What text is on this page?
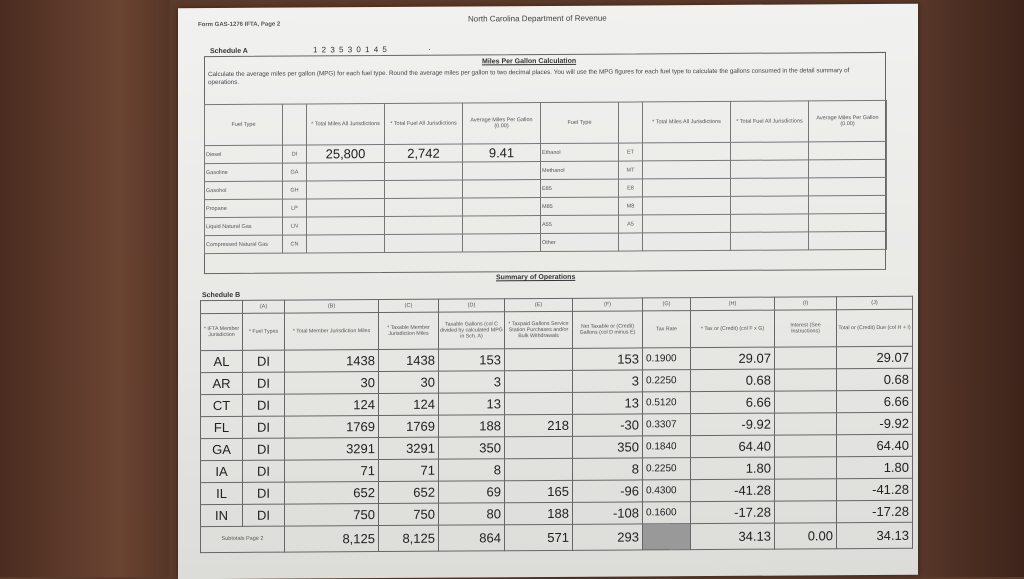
Form GAS-1276 IFTA, Page 2
North Carolina Department of Revenue
Schedule A	1 2 3 5 3 0 1 4 5	·
Miles Per Gallon Calculation
Calculate the average miles per gallon (MPG) for each fuel type. Round the average miles per gallon to two decimal places. You will use the MPG figures for each fuel type to calculate the gallons consumed in the detail summary of operations.
Fuel Type		* Total Miles All Jurisdictions	* Total Fuel All Jurisdictions	Average Miles Per Gallon (0.00)	Fuel Type		* Total Miles All Jurisdictions	* Total Fuel All Jurisdictions	Average Miles Per Gallon (0.00)
Diesel	DI	25,800	2,742	9.41	Ethanol	ET			
Gasoline	GA				Methanol	MT			
Gasohol	GH				E85	E8			
Propane	LP				M85	M8			
Liquid Natural Gas	LN				A55	A5			
Compressed Natural Gas	CN				Other				
Summary of Operations
Schedule B
	(A)	(B)	(C)	(D)	(E)	(F)	(G)	(H)	(I)	(J)
* IFTA Member Jurisdiction	* Fuel Types	* Total Member Jurisdiction Miles	* Taxable Member Jurisdiction Miles	Taxable Gallons (col C divided by calculated MPG in Sch. A)	* Taxpaid Gallons Service Station Purchases and/or Bulk Withdrawals	Net Taxable or (Credit) Gallons (col D minus E)	Tax Rate	* Tax or (Credit) (col F x G)	Interest (See Instructions)	Total or (Credit) Due (col H + I)
AL	DI	1438	1438	153		153	0.1900	29.07		29.07
AR	DI	30	30	3		3	0.2250	0.68		0.68
CT	DI	124	124	13		13	0.5120	6.66		6.66
FL	DI	1769	1769	188	218	-30	0.3307	-9.92		-9.92
GA	DI	3291	3291	350		350	0.1840	64.40		64.40
IA	DI	71	71	8		8	0.2250	1.80		1.80
IL	DI	652	652	69	165	-96	0.4300	-41.28		-41.28
IN	DI	750	750	80	188	-108	0.1600	-17.28		-17.28
Subtotals Page 2		8,125	8,125	864	571	293		34.13	0.00	34.13
